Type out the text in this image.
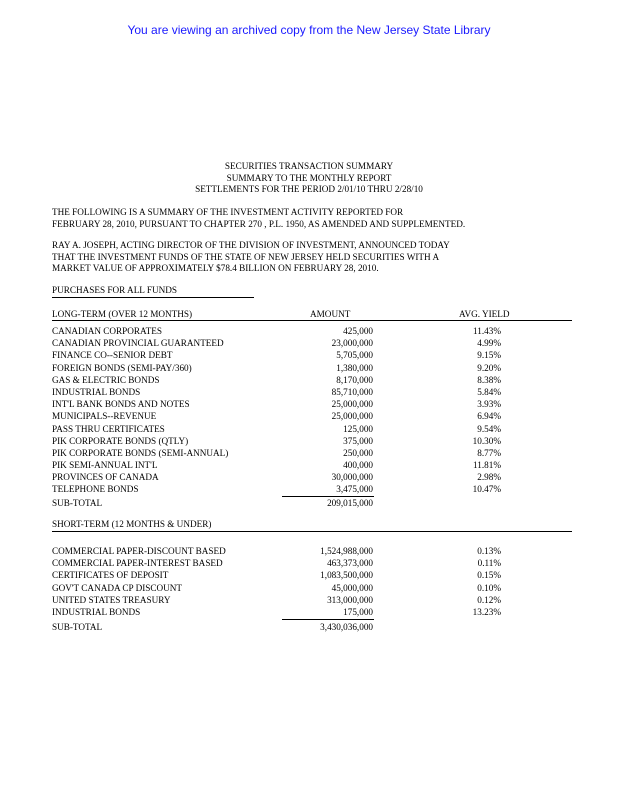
You are viewing an archived copy from the New Jersey State Library
SECURITIES TRANSACTION SUMMARY
SUMMARY TO THE MONTHLY REPORT
SETTLEMENTS FOR THE PERIOD 2/01/10 THRU 2/28/10
THE FOLLOWING IS A SUMMARY OF THE INVESTMENT ACTIVITY REPORTED FOR
FEBRUARY 28, 2010, PURSUANT TO CHAPTER 270 , P.L. 1950, AS AMENDED AND SUPPLEMENTED.
RAY A. JOSEPH, ACTING DIRECTOR OF THE DIVISION OF INVESTMENT, ANNOUNCED TODAY
THAT THE INVESTMENT FUNDS OF THE STATE OF NEW JERSEY HELD SECURITIES WITH A
MARKET VALUE OF APPROXIMATELY $78.4 BILLION ON FEBRUARY 28, 2010.
PURCHASES FOR ALL FUNDS
LONG-TERM (OVER 12 MONTHS)	AMOUNT	AVG. YIELD
CANADIAN CORPORATES	425,000	11.43%
CANADIAN PROVINCIAL GUARANTEED	23,000,000	4.99%
FINANCE CO--SENIOR DEBT	5,705,000	9.15%
FOREIGN BONDS (SEMI-PAY/360)	1,380,000	9.20%
GAS & ELECTRIC BONDS	8,170,000	8.38%
INDUSTRIAL BONDS	85,710,000	5.84%
INT'L BANK BONDS AND NOTES	25,000,000	3.93%
MUNICIPALS--REVENUE	25,000,000	6.94%
PASS THRU CERTIFICATES	125,000	9.54%
PIK CORPORATE BONDS (QTLY)	375,000	10.30%
PIK CORPORATE BONDS (SEMI-ANNUAL)	250,000	8.77%
PIK SEMI-ANNUAL INT'L	400,000	11.81%
PROVINCES OF CANADA	30,000,000	2.98%
TELEPHONE BONDS	3,475,000	10.47%
SUB-TOTAL	209,015,000
SHORT-TERM (12 MONTHS & UNDER)
COMMERCIAL PAPER-DISCOUNT BASED	1,524,988,000	0.13%
COMMERCIAL PAPER-INTEREST BASED	463,373,000	0.11%
CERTIFICATES OF DEPOSIT	1,083,500,000	0.15%
GOV'T CANADA CP DISCOUNT	45,000,000	0.10%
UNITED STATES TREASURY	313,000,000	0.12%
INDUSTRIAL BONDS	175,000	13.23%
SUB-TOTAL	3,430,036,000
